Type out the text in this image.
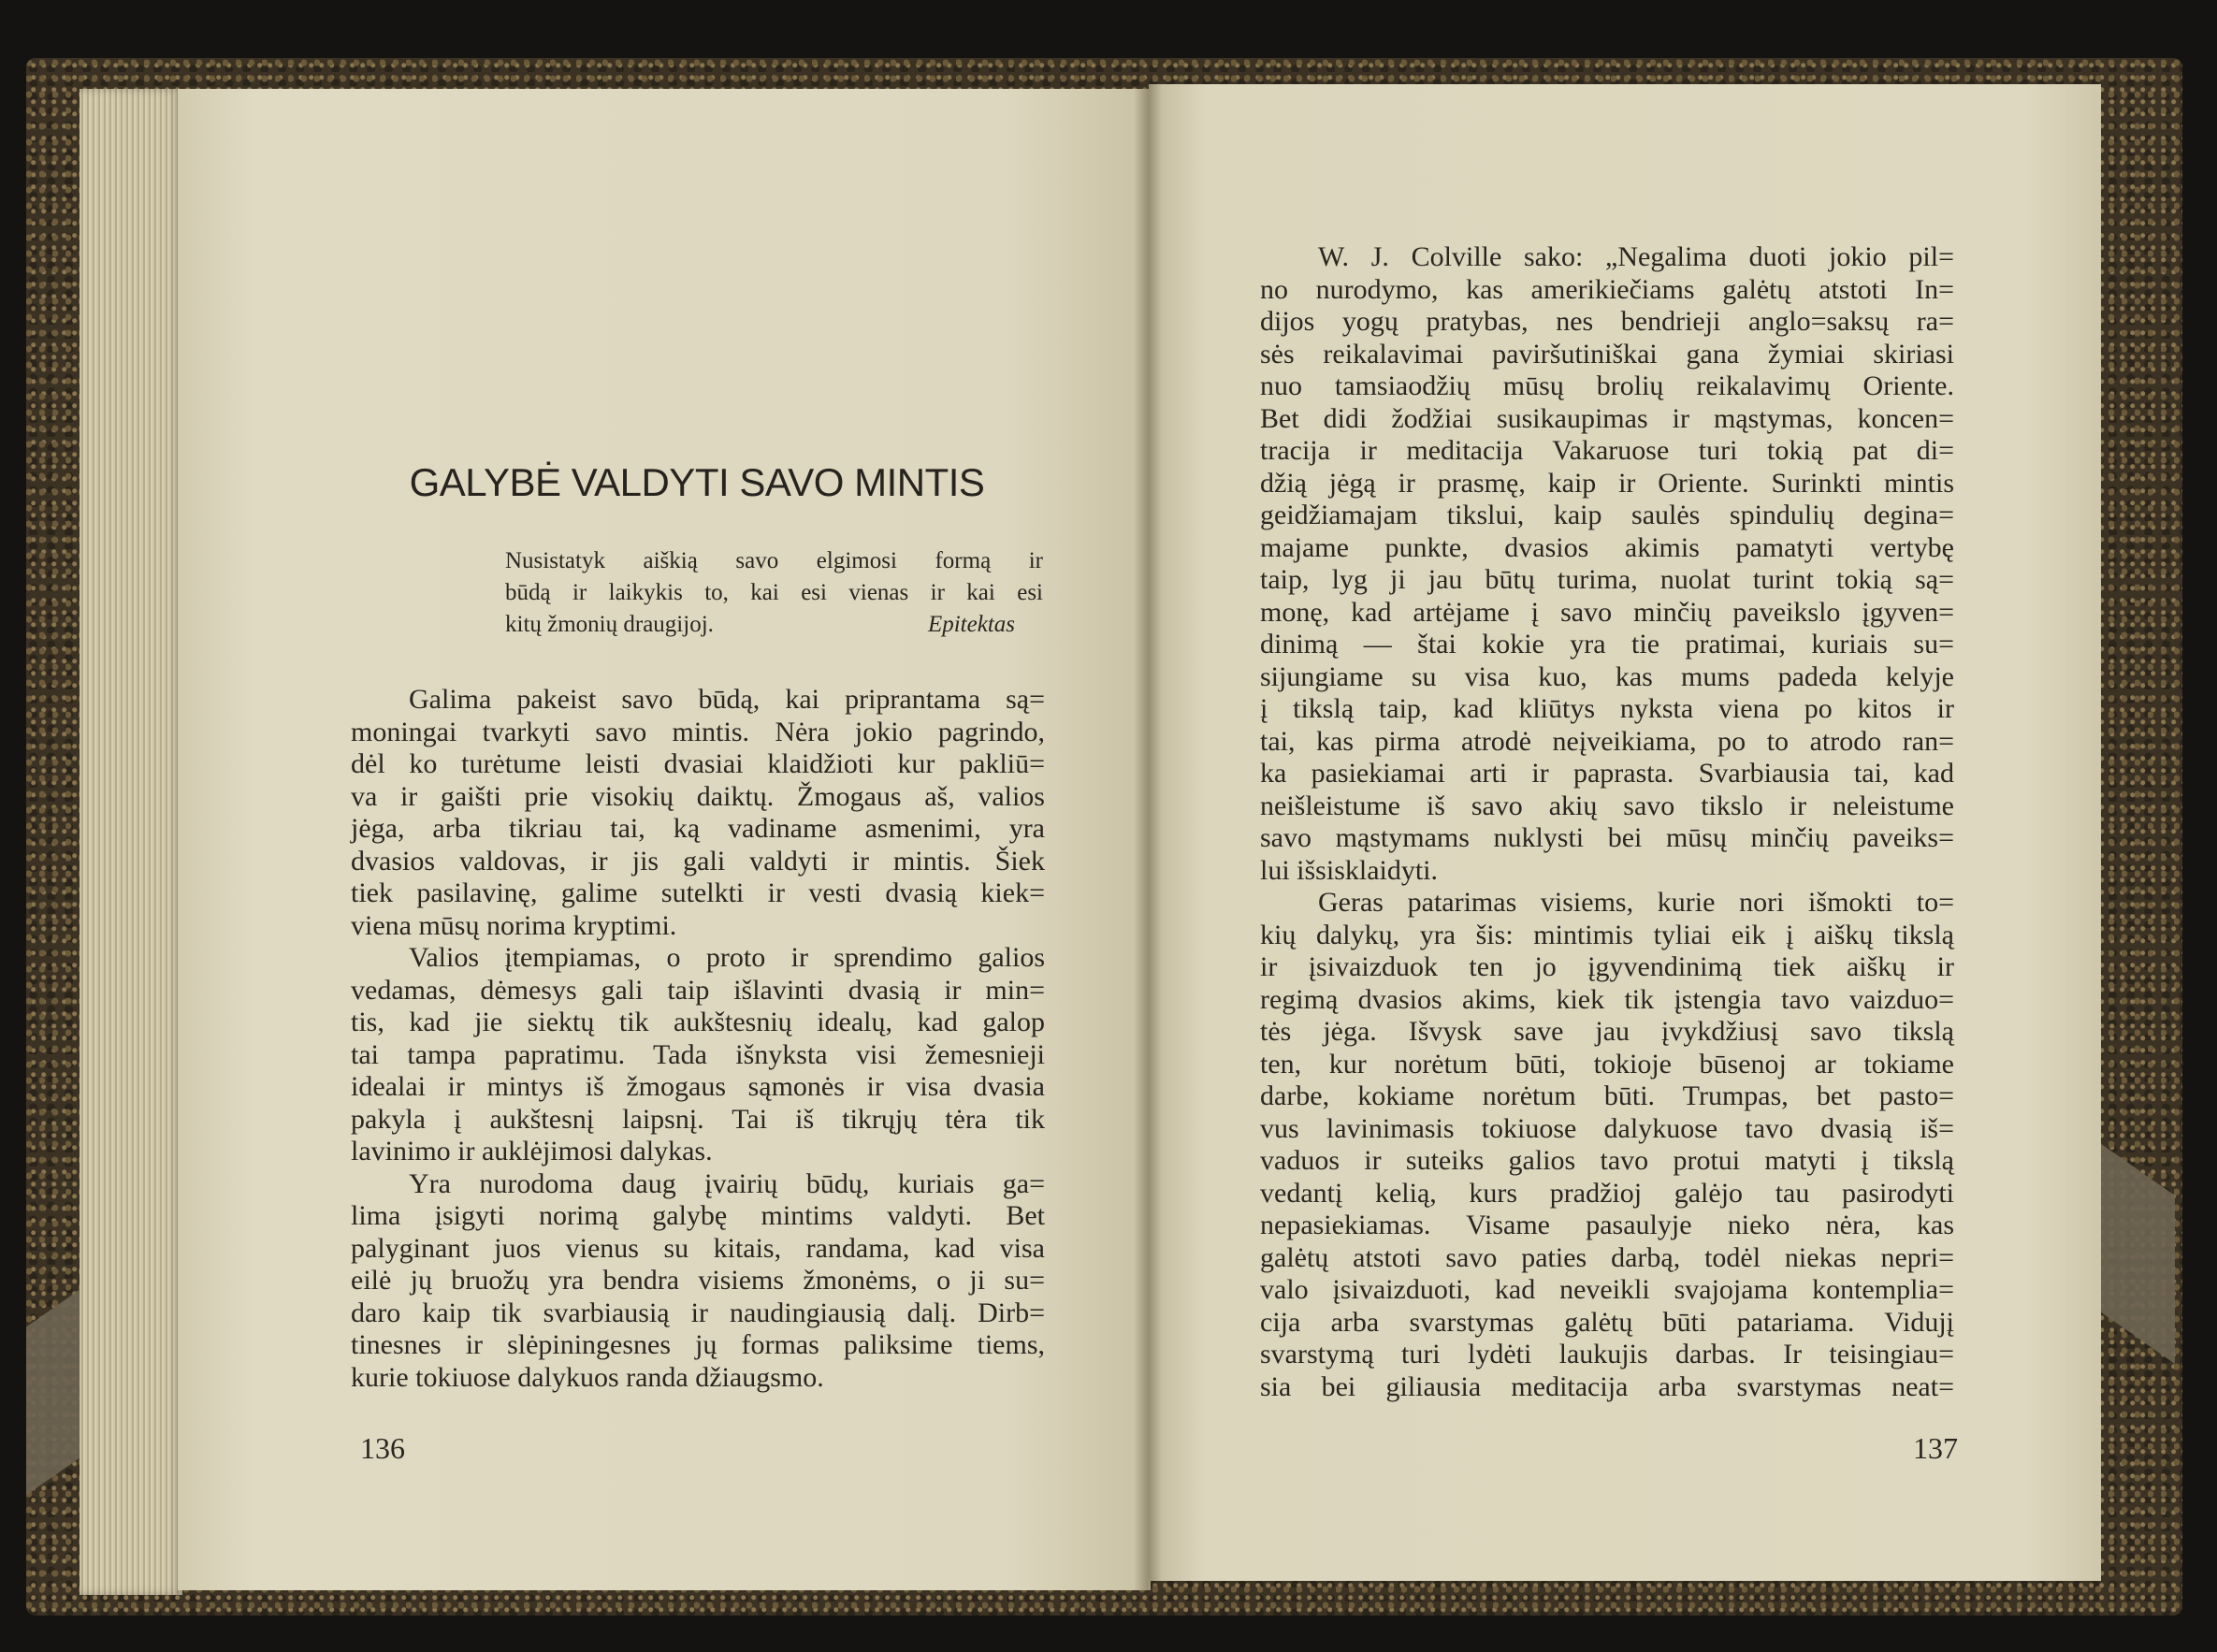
GALYBĖ VALDYTI SAVO MINTIS
Nusistatyk aiškią savo elgimosi formą ir
būdą ir laikykis to, kai esi vienas ir kai esi
kitų žmonių draugijoj.	Epitektas
Galima pakeist savo būdą, kai priprantama są=
moningai tvarkyti savo mintis. Nėra jokio pagrindo,
dėl ko turėtume leisti dvasiai klaidžioti kur pakliū=
va ir gaišti prie visokių daiktų. Žmogaus aš, valios
jėga, arba tikriau tai, ką vadiname asmenimi, yra
dvasios valdovas, ir jis gali valdyti ir mintis. Šiek
tiek pasilavinę, galime sutelkti ir vesti dvasią kiek=
viena mūsų norima kryptimi.
Valios įtempiamas, o proto ir sprendimo galios
vedamas, dėmesys gali taip išlavinti dvasią ir min=
tis, kad jie siektų tik aukštesnių idealų, kad galop
tai tampa papratimu. Tada išnyksta visi žemesnieji
idealai ir mintys iš žmogaus sąmonės ir visa dvasia
pakyla į aukštesnį laipsnį. Tai iš tikrųjų tėra tik
lavinimo ir auklėjimosi dalykas.
Yra nurodoma daug įvairių būdų, kuriais ga=
lima įsigyti norimą galybę mintims valdyti. Bet
palyginant juos vienus su kitais, randama, kad visa
eilė jų bruožų yra bendra visiems žmonėms, o ji su=
daro kaip tik svarbiausią ir naudingiausią dalį. Dirb=
tinesnes ir slėpiningesnes jų formas paliksime tiems,
kurie tokiuose dalykuos randa džiaugsmo.
W. J. Colville sako: „Negalima duoti jokio pil=
no nurodymo, kas amerikiečiams galėtų atstoti In=
dijos yogų pratybas, nes bendrieji anglo=saksų ra=
sės reikalavimai paviršutiniškai gana žymiai skiriasi
nuo tamsiaodžių mūsų brolių reikalavimų Oriente.
Bet didi žodžiai susikaupimas ir mąstymas, koncen=
tracija ir meditacija Vakaruose turi tokią pat di=
džią jėgą ir prasmę, kaip ir Oriente. Surinkti mintis
geidžiamajam tikslui, kaip saulės spindulių degina=
majame punkte, dvasios akimis pamatyti vertybę
taip, lyg ji jau būtų turima, nuolat turint tokią są=
monę, kad artėjame į savo minčių paveikslo įgyven=
dinimą — štai kokie yra tie pratimai, kuriais su=
sijungiame su visa kuo, kas mums padeda kelyje
į tikslą taip, kad kliūtys nyksta viena po kitos ir
tai, kas pirma atrodė neįveikiama, po to atrodo ran=
ka pasiekiamai arti ir paprasta. Svarbiausia tai, kad
neišleistume iš savo akių savo tikslo ir neleistume
savo mąstymams nuklysti bei mūsų minčių paveiks=
lui išsisklaidyti.
Geras patarimas visiems, kurie nori išmokti to=
kių dalykų, yra šis: mintimis tyliai eik į aiškų tikslą
ir įsivaizduok ten jo įgyvendinimą tiek aiškų ir
regimą dvasios akims, kiek tik įstengia tavo vaizduo=
tės jėga. Išvysk save jau įvykdžiusį savo tikslą
ten, kur norėtum būti, tokioje būsenoj ar tokiame
darbe, kokiame norėtum būti. Trumpas, bet pasto=
vus lavinimasis tokiuose dalykuose tavo dvasią iš=
vaduos ir suteiks galios tavo protui matyti į tikslą
vedantį kelią, kurs pradžioj galėjo tau pasirodyti
nepasiekiamas. Visame pasaulyje nieko nėra, kas
galėtų atstoti savo paties darbą, todėl niekas nepri=
valo įsivaizduoti, kad neveikli svajojama kontemplia=
cija arba svarstymas galėtų būti patariama. Vidujį
svarstymą turi lydėti laukujis darbas. Ir teisingiau=
sia bei giliausia meditacija arba svarstymas neat=
136	137
